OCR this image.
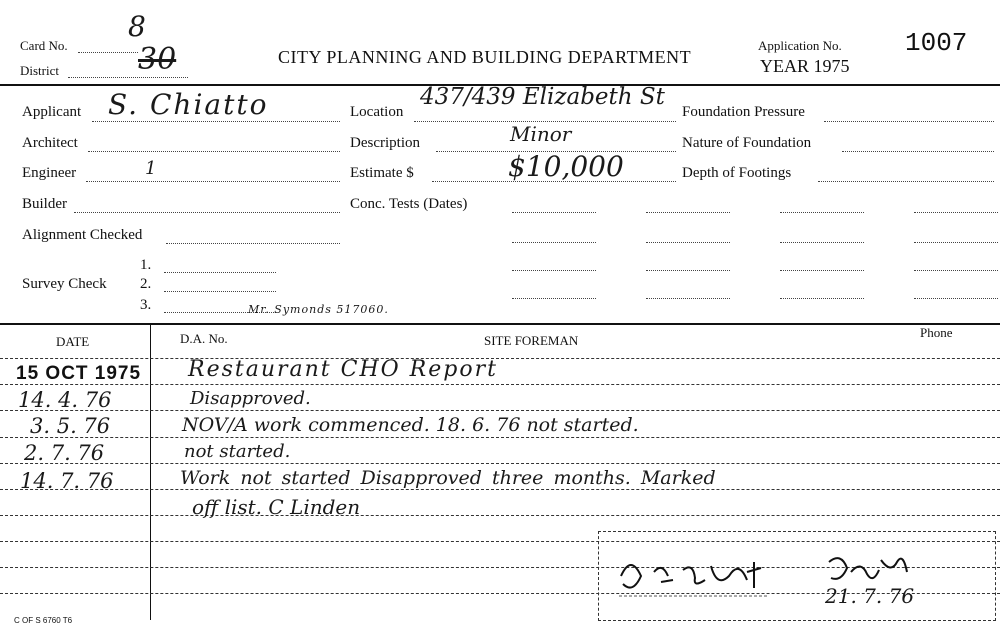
Card No.
8
District	30	CITY PLANNING AND BUILDING DEPARTMENT
Application No. 1007
YEAR 1975
Applicant S. Chiatto
Architect
Engineer	1
Builder
Alignment Checked
Survey Check
1.
2.
3.	Mr. Symonds 517060.
Location
437/439 Elizabeth St
Description	Minor
Estimate $	$10,000
Conc. Tests (Dates)
Foundation Pressure
Nature of Foundation
Depth of Footings
DATE	D.A. No.	SITE FOREMAN
Phone
15 OCT 1975 Restaurant CHO Report
14. 4. 76	Disapproved.
3. 5. 76	NOV/A work commenced. 18. 6. 76 not started.
2. 7. 76	not started.
14. 7. 76	Work not started Disapproved three months. Marked
off list. C Linden
21. 7. 76
C OF S 6760 T6
